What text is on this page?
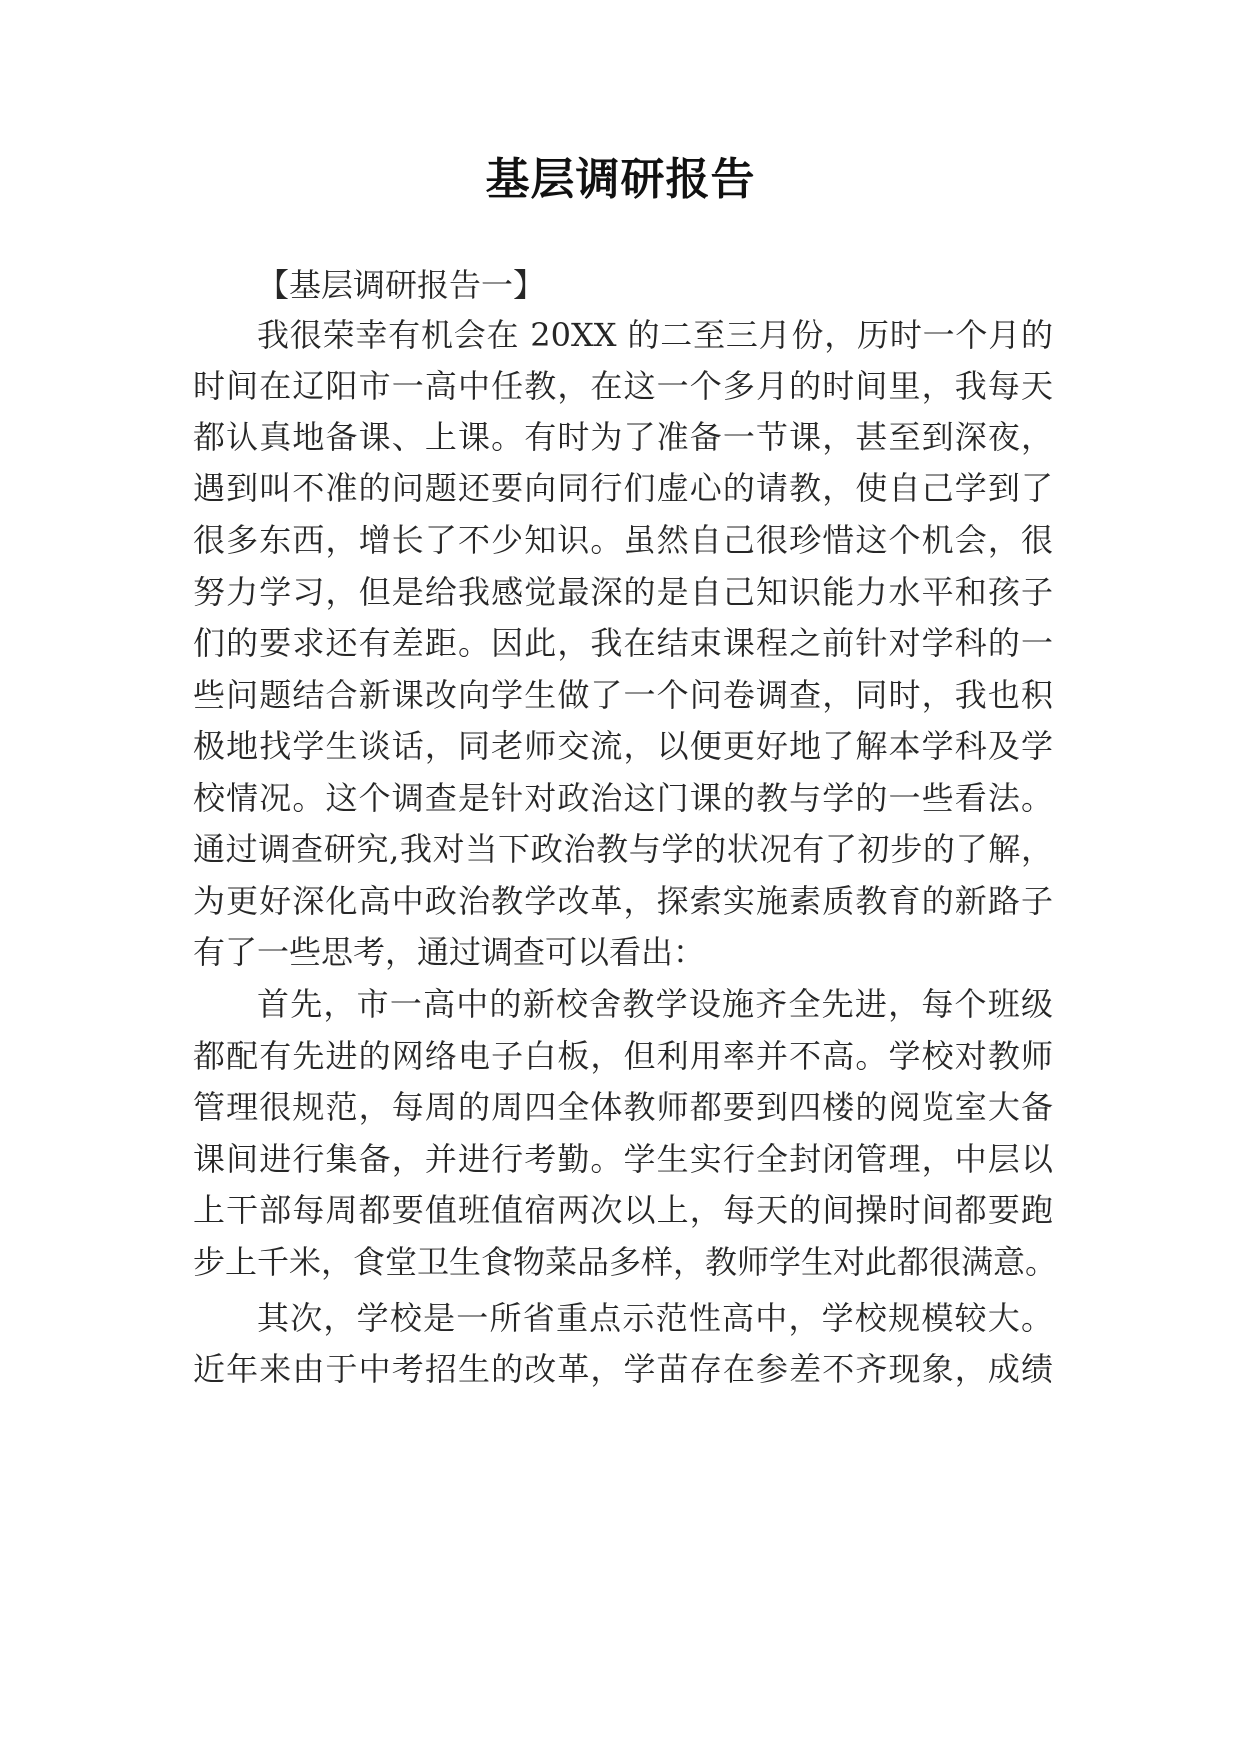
基层调研报告
【基层调研报告一】
我很荣幸有机会在 20XX 的二至三月份，历时一个月的
时间在辽阳市一高中任教，在这一个多月的时间里，我每天
都认真地备课、上课。有时为了准备一节课，甚至到深夜，
遇到叫不准的问题还要向同行们虚心的请教，使自己学到了
很多东西，增长了不少知识。虽然自己很珍惜这个机会，很
努力学习，但是给我感觉最深的是自己知识能力水平和孩子
们的要求还有差距。因此，我在结束课程之前针对学科的一
些问题结合新课改向学生做了一个问卷调查，同时，我也积
极地找学生谈话，同老师交流，以便更好地了解本学科及学
校情况。这个调查是针对政治这门课的教与学的一些看法。
通过调查研究,我对当下政治教与学的状况有了初步的了解，
为更好深化高中政治教学改革，探索实施素质教育的新路子
有了一些思考，通过调查可以看出：
首先，市一高中的新校舍教学设施齐全先进，每个班级
都配有先进的网络电子白板，但利用率并不高。学校对教师
管理很规范，每周的周四全体教师都要到四楼的阅览室大备
课间进行集备，并进行考勤。学生实行全封闭管理，中层以
上干部每周都要值班值宿两次以上，每天的间操时间都要跑
步上千米，食堂卫生食物菜品多样，教师学生对此都很满意。
其次，学校是一所省重点示范性高中，学校规模较大。
近年来由于中考招生的改革，学苗存在参差不齐现象，成绩
